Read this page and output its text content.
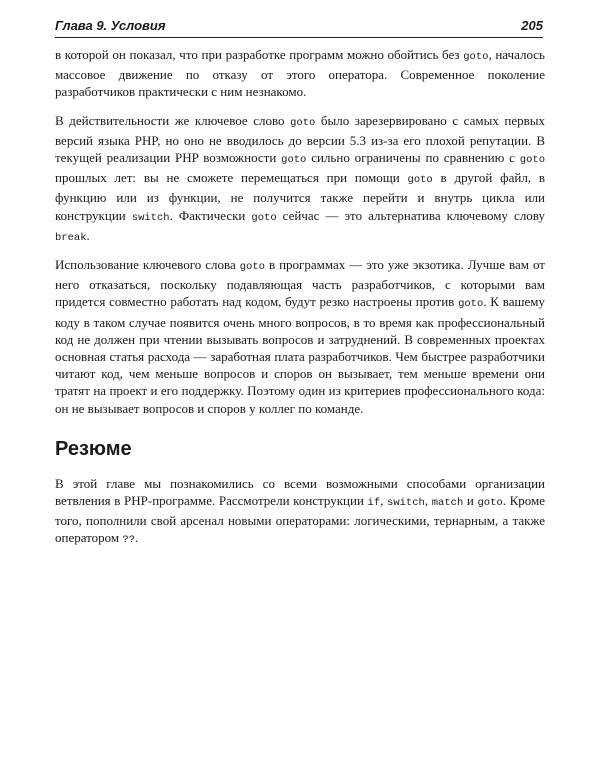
Глава 9. Условия	205

в которой он показал, что при разработке программ можно обойтись без goto, началось массовое движение по отказу от этого оператора. Современное поколение разработчиков практически с ним незнакомо.

В действительности же ключевое слово goto было зарезервировано с самых первых версий языка PHP, но оно не вводилось до версии 5.3 из-за его плохой репутации. В текущей реализации PHP возможности goto сильно ограничены по сравнению с goto прошлых лет: вы не сможете перемещаться при помощи goto в другой файл, в функцию или из функции, не получится также перейти и внутрь цикла или конструкции switch. Фактически goto сейчас — это альтернатива ключевому слову break.

Использование ключевого слова goto в программах — это уже экзотика. Лучше вам от него отказаться, поскольку подавляющая часть разработчиков, с которыми вам придется совместно работать над кодом, будут резко настроены против goto. К вашему коду в таком случае появится очень много вопросов, в то время как профессиональный код не должен при чтении вызывать вопросов и затруднений. В современных проектах основная статья расхода — заработная плата разработчиков. Чем быстрее разработчики читают код, чем меньше вопросов и споров он вызывает, тем меньше времени они тратят на проект и его поддержку. Поэтому один из критериев профессионального кода: он не вызывает вопросов и споров у коллег по команде.

Резюме

В этой главе мы познакомились со всеми возможными способами организации ветвления в PHP-программе. Рассмотрели конструкции if, switch, match и goto. Кроме того, пополнили свой арсенал новыми операторами: логическими, тернарным, а также оператором ??.
